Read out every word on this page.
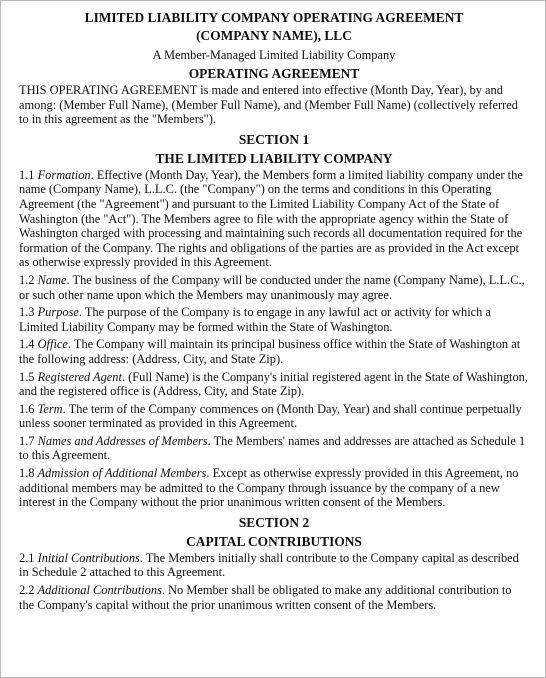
LIMITED LIABILITY COMPANY OPERATING AGREEMENT
(COMPANY NAME), LLC
A Member-Managed Limited Liability Company
OPERATING AGREEMENT

THIS OPERATING AGREEMENT is made and entered into effective (Month Day, Year), by and among: (Member Full Name), (Member Full Name), and (Member Full Name) (collectively referred to in this agreement as the "Members").

SECTION 1
THE LIMITED LIABILITY COMPANY

1.1 Formation. Effective (Month Day, Year), the Members form a limited liability company under the name (Company Name), L.L.C. (the "Company") on the terms and conditions in this Operating Agreement (the "Agreement") and pursuant to the Limited Liability Company Act of the State of Washington (the "Act"). The Members agree to file with the appropriate agency within the State of Washington charged with processing and maintaining such records all documentation required for the formation of the Company. The rights and obligations of the parties are as provided in the Act except as otherwise expressly provided in this Agreement.

1.2 Name. The business of the Company will be conducted under the name (Company Name), L.L.C., or such other name upon which the Members may unanimously may agree.

1.3 Purpose. The purpose of the Company is to engage in any lawful act or activity for which a Limited Liability Company may be formed within the State of Washington.

1.4 Office. The Company will maintain its principal business office within the State of Washington at the following address: (Address, City, and State Zip).

1.5 Registered Agent. (Full Name) is the Company's initial registered agent in the State of Washington, and the registered office is (Address, City, and State Zip).

1.6 Term. The term of the Company commences on (Month Day, Year) and shall continue perpetually unless sooner terminated as provided in this Agreement.

1.7 Names and Addresses of Members. The Members' names and addresses are attached as Schedule 1 to this Agreement.

1.8 Admission of Additional Members. Except as otherwise expressly provided in this Agreement, no additional members may be admitted to the Company through issuance by the company of a new interest in the Company without the prior unanimous written consent of the Members.

SECTION 2
CAPITAL CONTRIBUTIONS

2.1 Initial Contributions. The Members initially shall contribute to the Company capital as described in Schedule 2 attached to this Agreement.

2.2 Additional Contributions. No Member shall be obligated to make any additional contribution to the Company's capital without the prior unanimous written consent of the Members.
